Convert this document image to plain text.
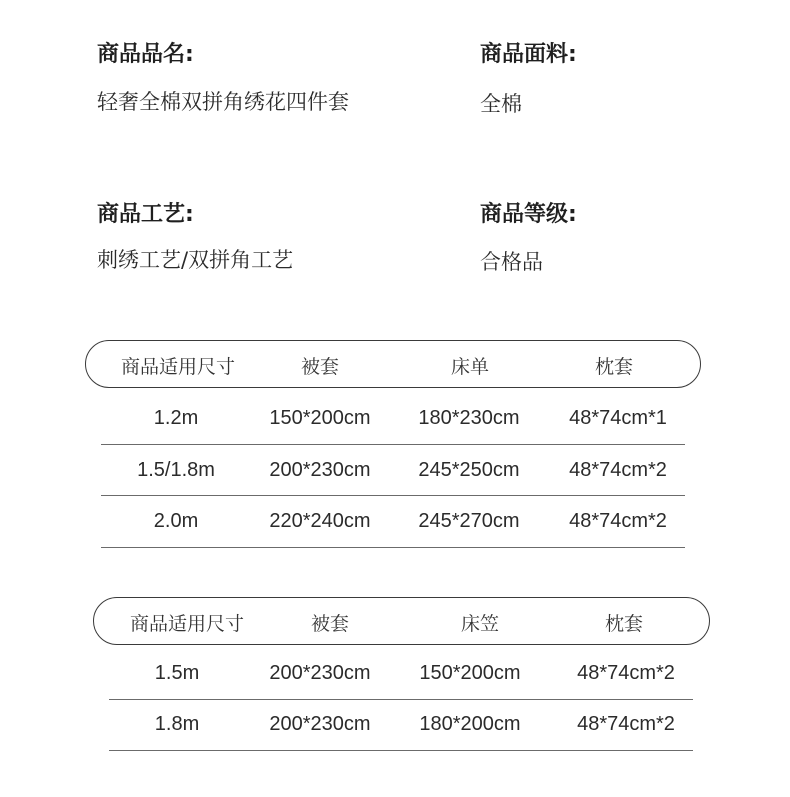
商品品名:
轻奢全棉双拼角绣花四件套
商品面料:
全棉
商品工艺:
刺绣工艺/双拼角工艺
商品等级:
合格品
商品适用尺寸	被套	床单	枕套
1.2m	150*200cm 180*230cm 48*74cm*1
1.5/1.8m	200*230cm 245*250cm 48*74cm*2
2.0m	220*240cm 245*270cm 48*74cm*2
商品适用尺寸	被套	床笠	枕套
1.5m	200*230cm 150*200cm	48*74cm*2
1.8m	200*230cm 180*200cm	48*74cm*2
